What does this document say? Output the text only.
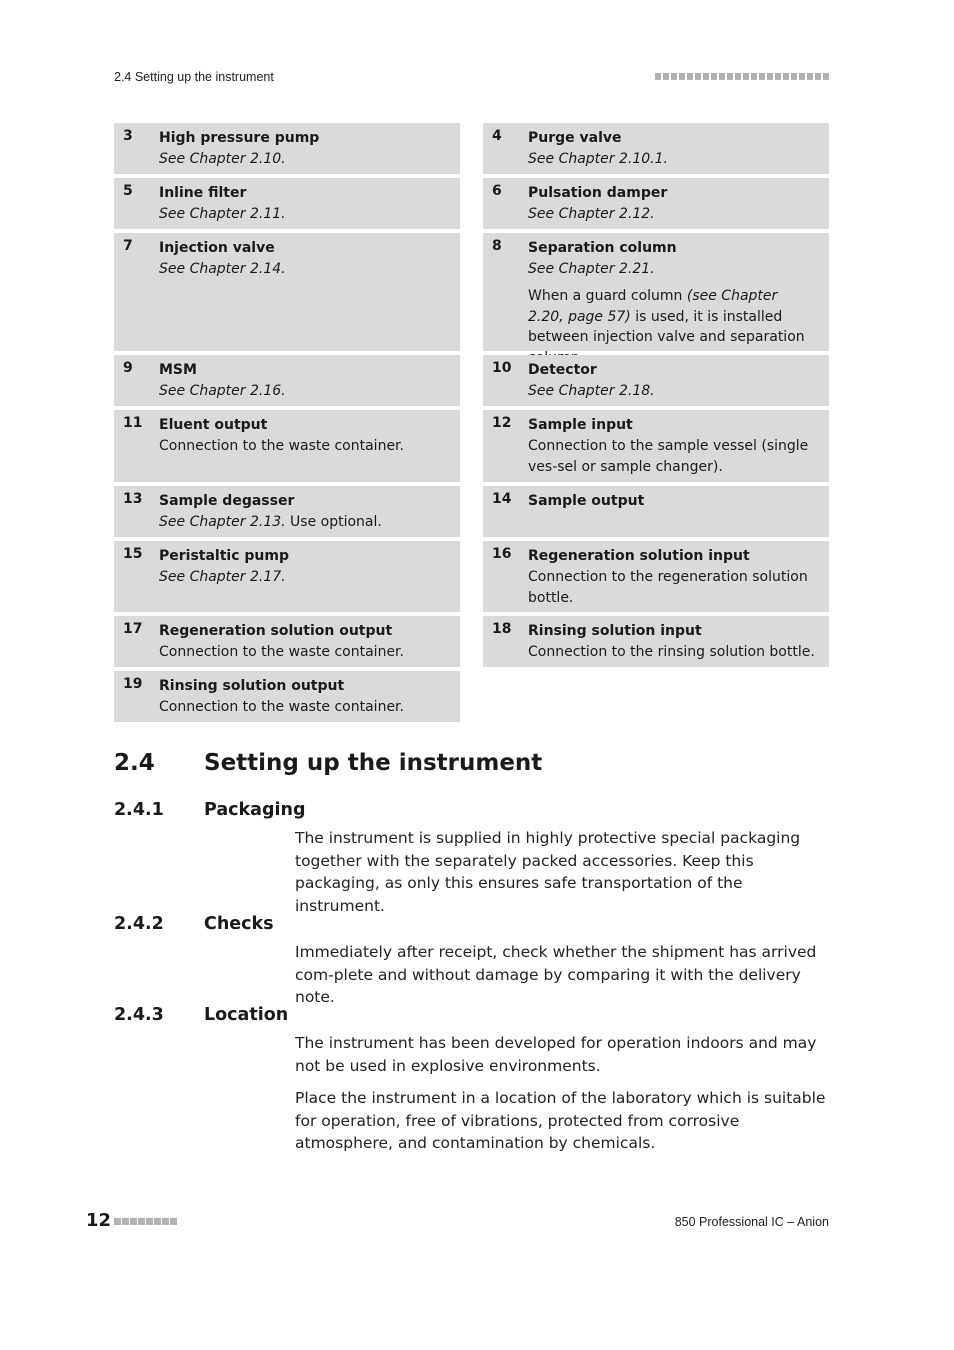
2.4 Setting up the instrument
3 High pressure pump
See Chapter 2.10.
5 Inline filter
See Chapter 2.11.
7 Injection valve
See Chapter 2.14.
9 MSM
See Chapter 2.16.
11 Eluent output
Connection to the waste container.
13 Sample degasser
See Chapter 2.13. Use optional.
15 Peristaltic pump
See Chapter 2.17.
17 Regeneration solution output
Connection to the waste container.
19 Rinsing solution output
Connection to the waste container.
4 Purge valve
See Chapter 2.10.1.
6 Pulsation damper
See Chapter 2.12.
8 Separation column
See Chapter 2.21.
When a guard column (see Chapter 2.20, page 57) is used, it is installed between injection valve and separation
10 Detector
See Chapter 2.18.
12 Sample input
Connection to the sample vessel (single ves-sel or sample changer).
14 Sample output
16 Regeneration solution input
Connection to the regeneration solution bottle.
18 Rinsing solution input
Connection to the rinsing solution bottle.
2.4	Setting up the instrument
2.4.1	Packaging
The instrument is supplied in highly protective special packaging together with the separately packed accessories. Keep this packaging, as only this ensures safe transportation of the instrument.
2.4.2	Checks
Immediately after receipt, check whether the shipment has arrived com-plete and without damage by comparing it with the delivery note.
2.4.3	Location
The instrument has been developed for operation indoors and may not be used in explosive environments.
Place the instrument in a location of the laboratory which is suitable for operation, free of vibrations, protected from corrosive atmosphere, and contamination by chemicals.
12	850 Professional IC – Anion
